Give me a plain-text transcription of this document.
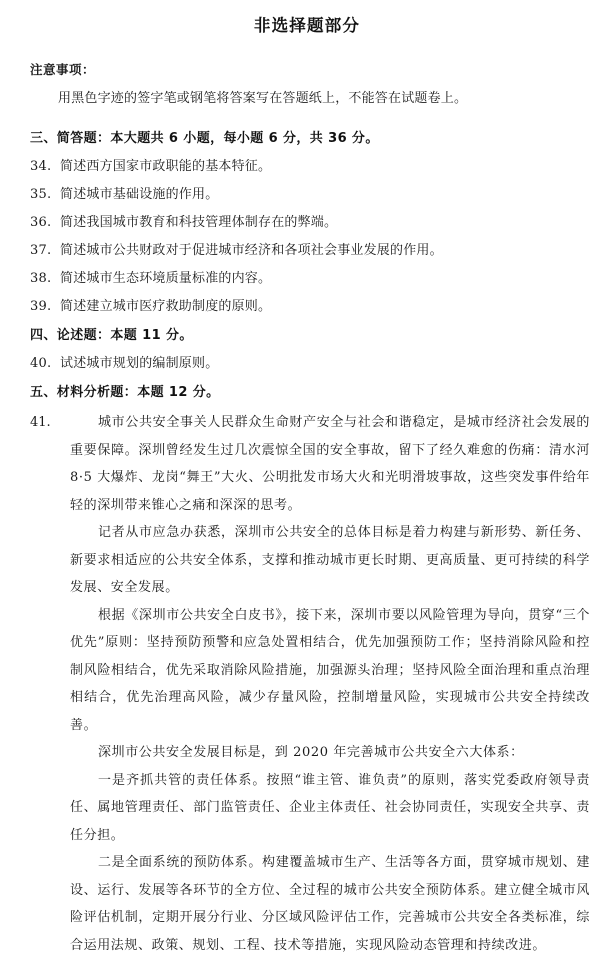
非选择题部分
注意事项：
用黑色字迹的签字笔或钢笔将答案写在答题纸上，不能答在试题卷上。
三、简答题：本大题共 6 小题，每小题 6 分，共 36 分。
34. 简述西方国家市政职能的基本特征。
35. 简述城市基础设施的作用。
36. 简述我国城市教育和科技管理体制存在的弊端。
37. 简述城市公共财政对于促进城市经济和各项社会事业发展的作用。
38. 简述城市生态环境质量标准的内容。
39. 简述建立城市医疗救助制度的原则。
四、论述题：本题 11 分。
40. 试述城市规划的编制原则。
五、材料分析题：本题 12 分。
41.	城市公共安全事关人民群众生命财产安全与社会和谐稳定，是城市经济社会发展的重要保障。深圳曾经发生过几次震惊全国的安全事故，留下了经久难愈的伤痛：清水河 8·5 大爆炸、龙岗“舞王”大火、公明批发市场大火和光明滑坡事故，这些突发事件给年轻的深圳带来锥心之痛和深深的思考。

记者从市应急办获悉，深圳市公共安全的总体目标是着力构建与新形势、新任务、新要求相适应的公共安全体系，支撑和推动城市更长时期、更高质量、更可持续的科学发展、安全发展。

根据《深圳市公共安全白皮书》，接下来，深圳市要以风险管理为导向，贯穿“三个优先”原则：坚持预防预警和应急处置相结合，优先加强预防工作；坚持消除风险和控制风险相结合，优先采取消除风险措施，加强源头治理；坚持风险全面治理和重点治理相结合，优先治理高风险，减少存量风险，控制增量风险，实现城市公共安全持续改善。

深圳市公共安全发展目标是，到 2020 年完善城市公共安全六大体系：

一是齐抓共管的责任体系。按照“谁主管、谁负责”的原则，落实党委政府领导责任、属地管理责任、部门监管责任、企业主体责任、社会协同责任，实现安全共享、责任分担。

二是全面系统的预防体系。构建覆盖城市生产、生活等各方面，贯穿城市规划、建设、运行、发展等各环节的全方位、全过程的城市公共安全预防体系。建立健全城市风险评估机制，定期开展分行业、分区域风险评估工作，完善城市公共安全各类标准，综合运用法规、政策、规划、工程、技术等措施，实现风险动态管理和持续改进。
